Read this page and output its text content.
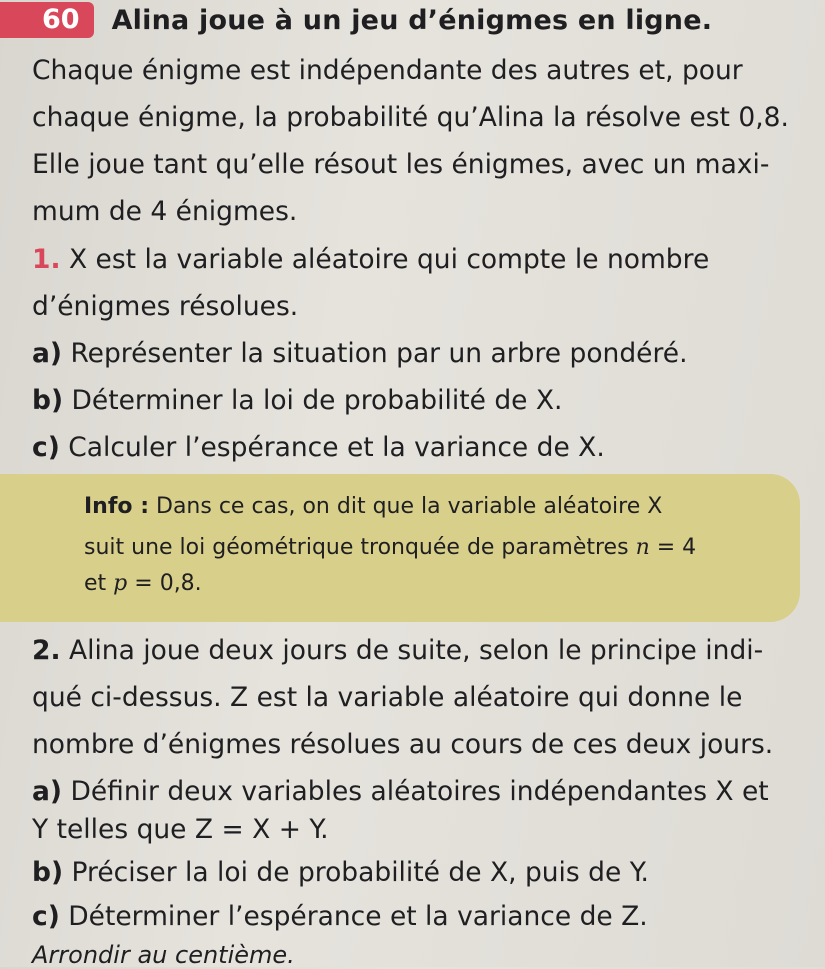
60	Alina joue à un jeu d’énigmes en ligne.
Chaque énigme est indépendante des autres et, pour
chaque énigme, la probabilité qu’Alina la résolve est 0,8.
Elle joue tant qu’elle résout les énigmes, avec un maxi-
mum de 4 énigmes.
1. X est la variable aléatoire qui compte le nombre
d’énigmes résolues.
a) Représenter la situation par un arbre pondéré.
b) Déterminer la loi de probabilité de X.
c) Calculer l’espérance et la variance de X.
Info : Dans ce cas, on dit que la variable aléatoire X
suit une loi géométrique tronquée de paramètres n = 4
et p = 0,8.
2. Alina joue deux jours de suite, selon le principe indi-
qué ci-dessus. Z est la variable aléatoire qui donne le
nombre d’énigmes résolues au cours de ces deux jours.
a) Définir deux variables aléatoires indépendantes X et
Y telles que Z = X + Y.
b) Préciser la loi de probabilité de X, puis de Y.
c) Déterminer l’espérance et la variance de Z.
Arrondir au centième.
